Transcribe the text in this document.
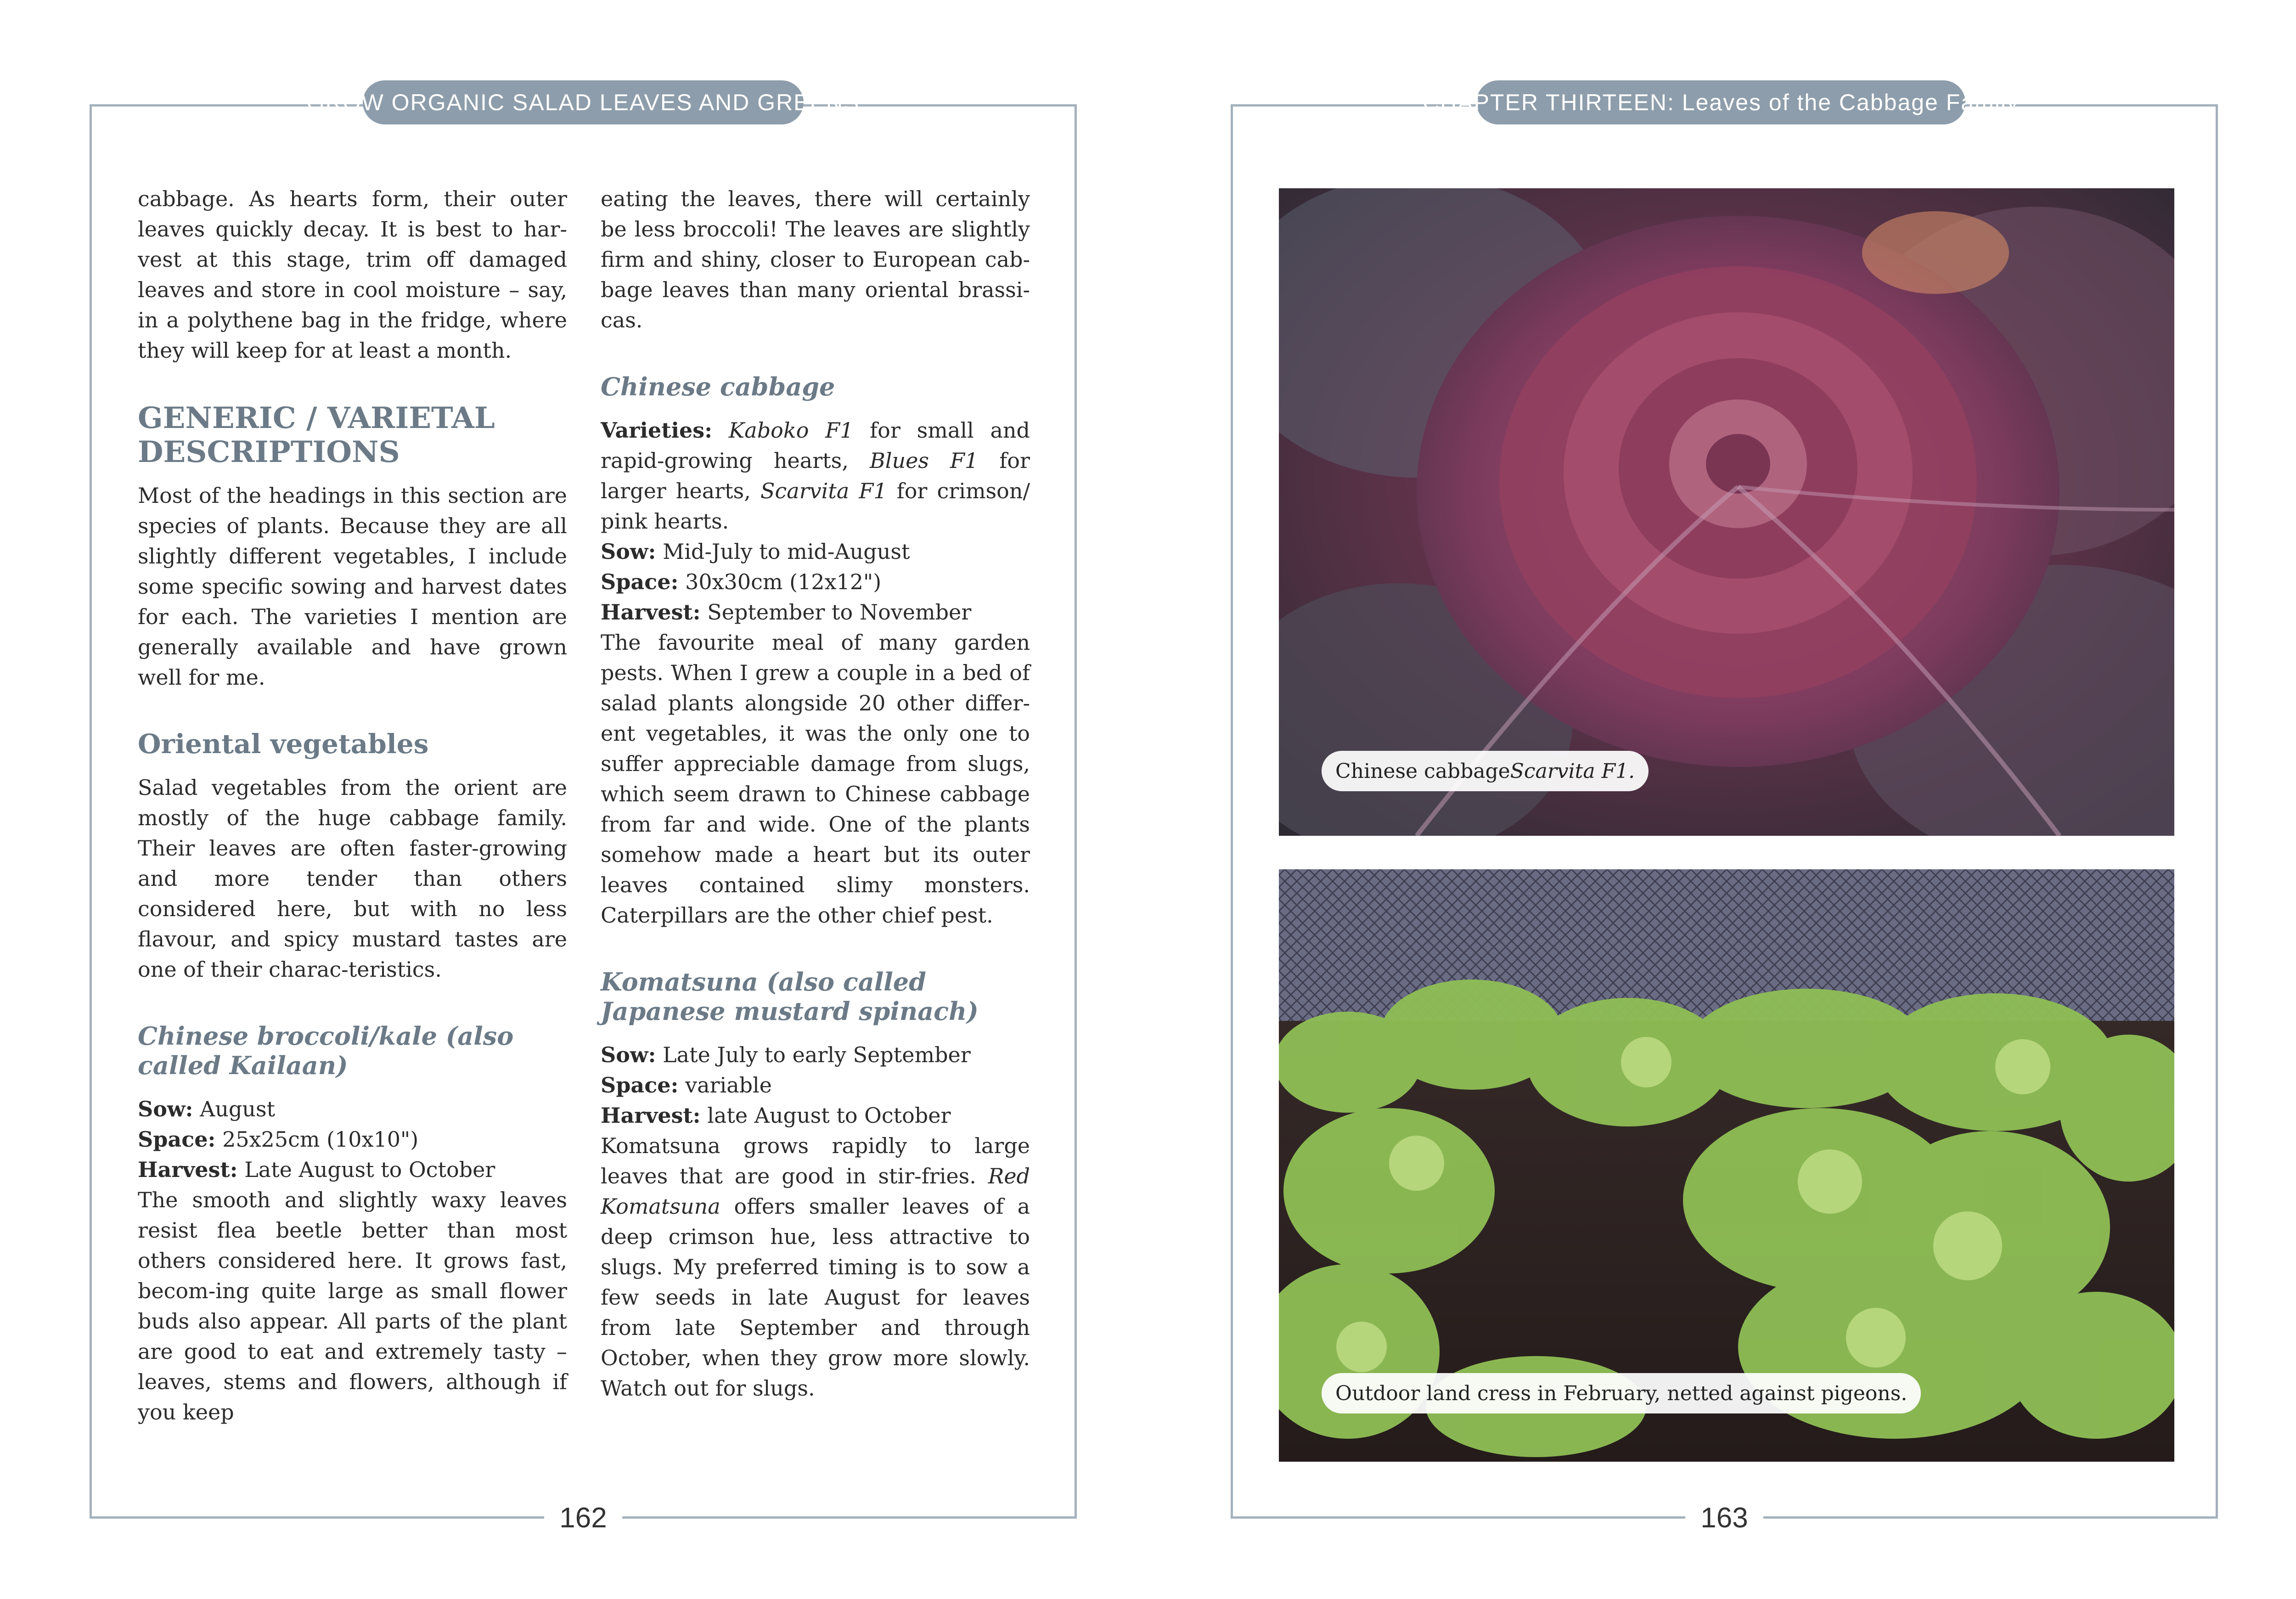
GROW ORGANIC SALAD LEAVES AND GREENS
162

cabbage. As hearts form, their outer leaves quickly decay. It is best to har-vest at this stage, trim off damaged leaves and store in cool moisture – say, in a polythene bag in the fridge, where they will keep for at least a month.

GENERIC / VARIETAL
DESCRIPTIONS

Most of the headings in this section are species of plants. Because they are all slightly different vegetables, I include some specific sowing and harvest dates for each. The varieties I mention are generally available and have grown well for me.

Oriental vegetables

Salad vegetables from the orient are mostly of the huge cabbage family. Their leaves are often faster-growing and more tender than others considered here, but with no less flavour, and spicy mustard tastes are one of their charac-teristics.

Chinese broccoli/kale (also called Kailaan)

Sow: August

Space: 25x25cm (10x10")

Harvest: Late August to October

The smooth and slightly waxy leaves resist flea beetle better than most others considered here. It grows fast, becom-ing quite large as small flower buds also appear. All parts of the plant are good to eat and extremely tasty – leaves, stems and flowers, although if you keep

eating the leaves, there will certainly be less broccoli! The leaves are slightly firm and shiny, closer to European cab-bage leaves than many oriental brassi-cas.

Chinese cabbage

Varieties: Kaboko F1 for small and rapid-growing hearts, Blues F1 for larger hearts, Scarvita F1 for crimson/ pink hearts.

Sow: Mid-July to mid-August

Space: 30x30cm (12x12")

Harvest: September to November

The favourite meal of many garden pests. When I grew a couple in a bed of salad plants alongside 20 other differ-ent vegetables, it was the only one to suffer appreciable damage from slugs, which seem drawn to Chinese cabbage from far and wide. One of the plants somehow made a heart but its outer leaves contained slimy monsters. Caterpillars are the other chief pest.

Komatsuna (also called Japanese mustard spinach)

Sow: Late July to early September

Space: variable

Harvest: late August to October

Komatsuna grows rapidly to large leaves that are good in stir-fries. Red Komatsuna offers smaller leaves of a deep crimson hue, less attractive to slugs. My preferred timing is to sow a few seeds in late August for leaves from late September and through October, when they grow more slowly. Watch out for slugs.

CHAPTER THIRTEEN: Leaves of the Cabbage Family
163
Chinese cabbage Scarvita F1.
Outdoor land cress in February, netted against pigeons.
